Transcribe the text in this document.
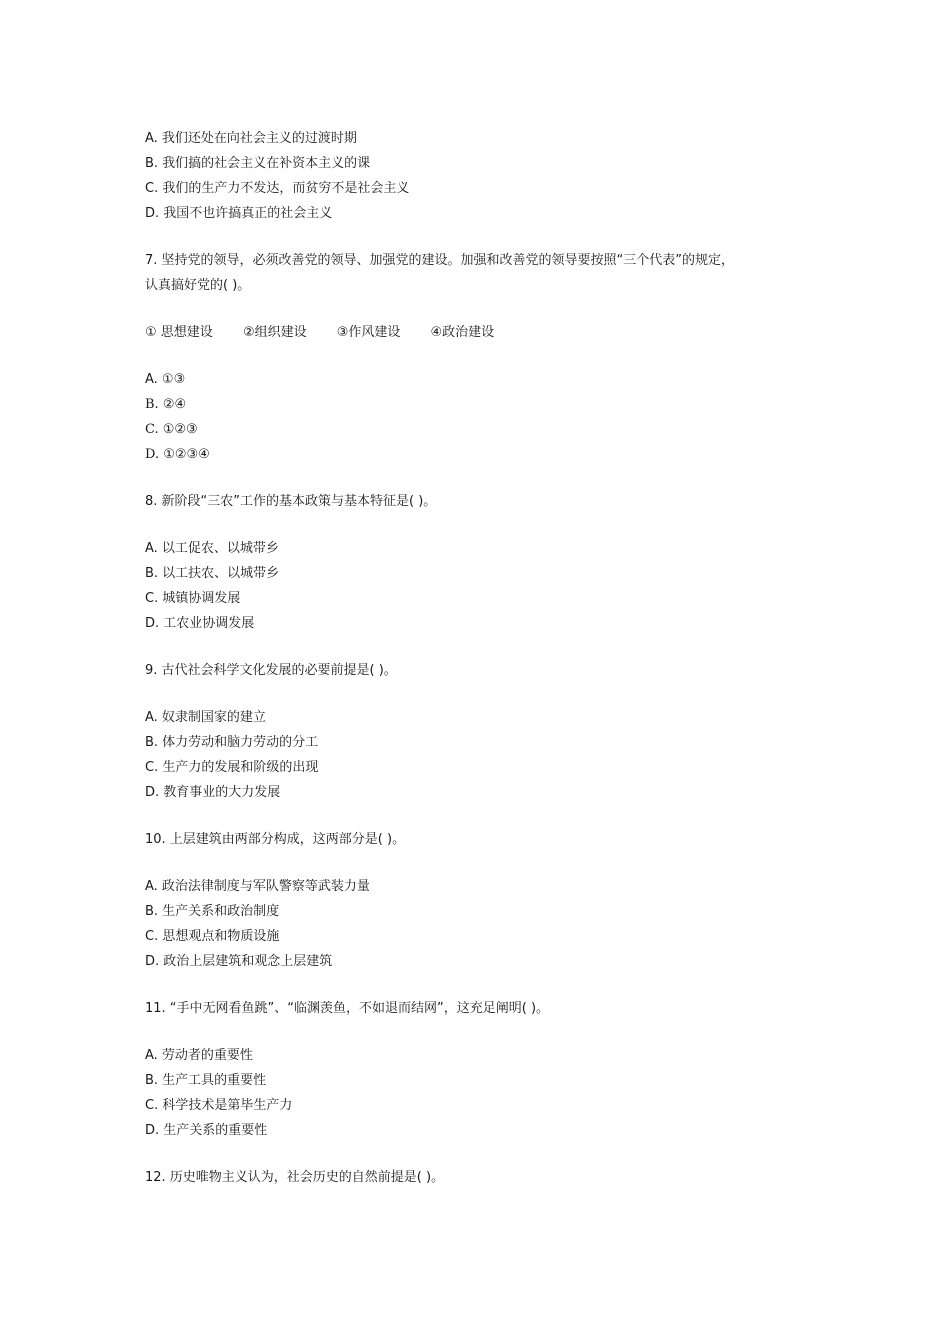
A. 我们还处在向社会主义的过渡时期
B. 我们搞的社会主义在补资本主义的课
C. 我们的生产力不发达，而贫穷不是社会主义
D. 我国不也许搞真正的社会主义
7. 坚持党的领导，必须改善党的领导、加强党的建设。加强和改善党的领导要按照“三个代表”的规定，
认真搞好党的( )。
① 思想建设 ②组织建设 ③作风建设 ④政治建设
A. ①③
B. ②④
C. ①②③
D. ①②③④
8. 新阶段“三农”工作的基本政策与基本特征是( )。
A. 以工促农、以城带乡
B. 以工扶农、以城带乡
C. 城镇协调发展
D. 工农业协调发展
9. 古代社会科学文化发展的必要前提是( )。
A. 奴隶制国家的建立
B. 体力劳动和脑力劳动的分工
C. 生产力的发展和阶级的出现
D. 教育事业的大力发展
10. 上层建筑由两部分构成，这两部分是( )。
A. 政治法律制度与军队警察等武装力量
B. 生产关系和政治制度
C. 思想观点和物质设施
D. 政治上层建筑和观念上层建筑
11. “手中无网看鱼跳”、“临渊羡鱼，不如退而结网”，这充足阐明( )。
A. 劳动者的重要性
B. 生产工具的重要性
C. 科学技术是第毕生产力
D. 生产关系的重要性
12. 历史唯物主义认为，社会历史的自然前提是( )。
